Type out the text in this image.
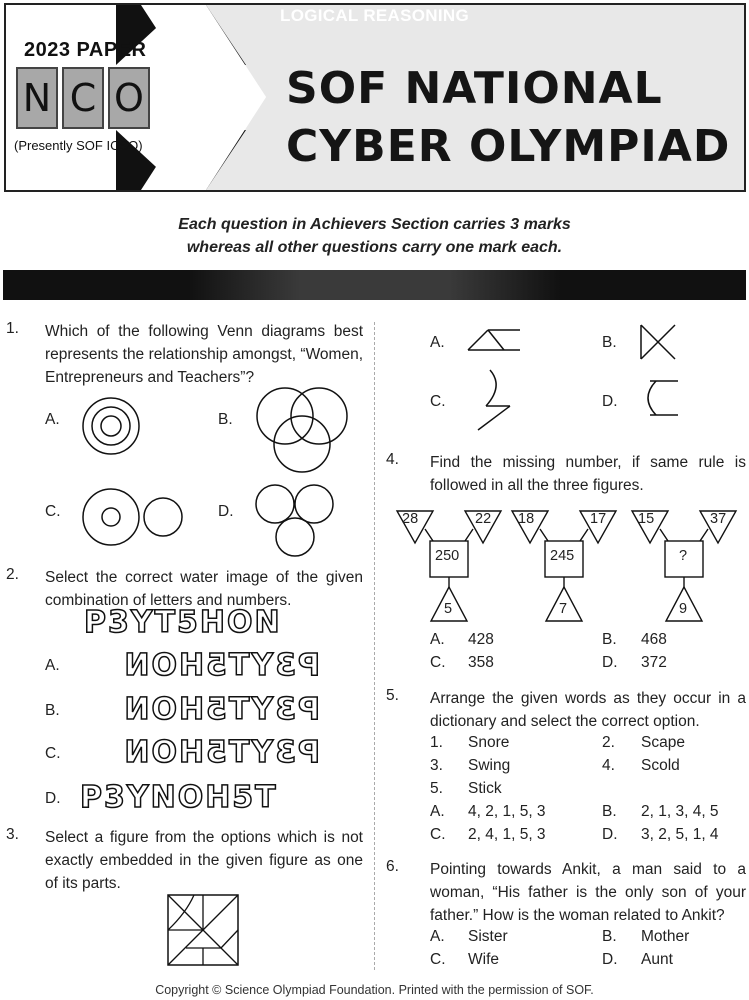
2023 PAPER
N C O
(Presently SOF ICSO)
SOF NATIONAL
CYBER OLYMPIAD
Each question in Achievers Section carries 3 marks
whereas all other questions carry one mark each.
LOGICAL REASONING
1. Which of the following Venn diagrams best represents the relationship amongst, “Women, Entrepreneurs and Teachers”?
A.	B.
C.	D.
2. Select the correct water image of the given combination of letters and numbers.
P3YT5HON
A. P3YT5HON
B. P3YT5HON
C. P3YT5HON
D. P3YNOH5T
3. Select a figure from the options which is not exactly embedded in the given figure as one of its parts.
A.	B.
C.	D.
4. Find the missing number, if same rule is followed in all the three figures.
28	22
250
5
18	17
245
7
15	37
?
9
A. 428	B. 468
C. 358	D. 372
5. Arrange the given words as they occur in a dictionary and select the correct option.
1. Snore	2. Scape
3. Swing	4. Scold
5. Stick
A. 4, 2, 1, 5, 3	B. 2, 1, 3, 4, 5
C. 2, 4, 1, 5, 3	D. 3, 2, 5, 1, 4
6. Pointing towards Ankit, a man said to a woman, “His father is the only son of your father.” How is the woman related to Ankit?
A. Sister	B. Mother
C. Wife	D. Aunt
Copyright © Science Olympiad Foundation. Printed with the permission of SOF.
